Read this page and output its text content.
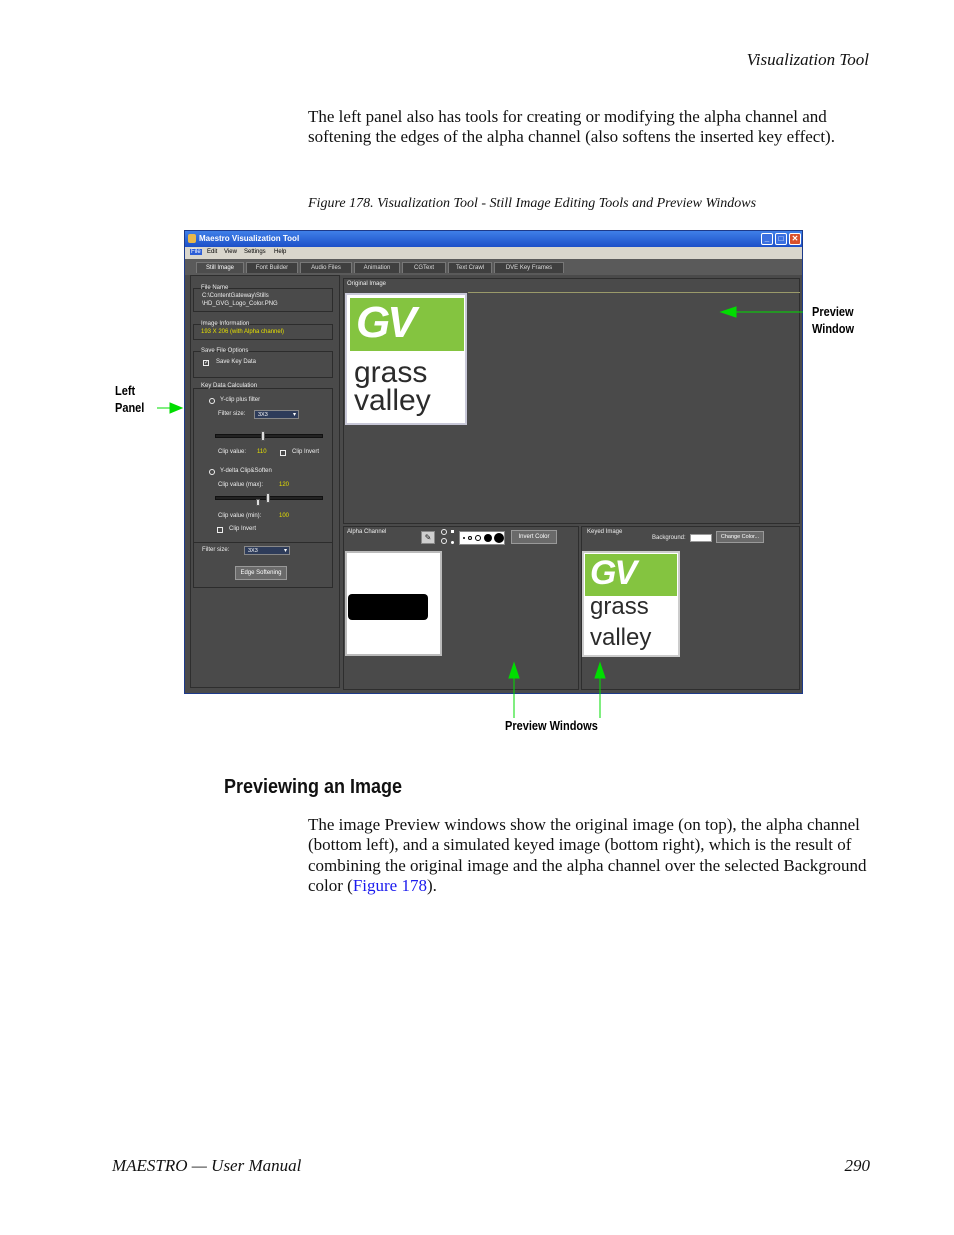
Visualization Tool
The left panel also has tools for creating or modifying the alpha channel and softening the edges of the alpha channel (also softens the inserted key effect).
Figure 178. Visualization Tool - Still Image Editing Tools and Preview Windows
Maestro Visualization Tool	_	□	✕
File Edit View Settings Help
Still Image	Font Builder	Audio Files	Animation	CGText	Text Crawl	DVE Key Frames
File Name
C:\ContentGateway\Stills
\HD_GVG_Logo_Color.PNG
Image Information
193 X 206 (with Alpha channel)
Save File Options
✓ Save Key Data
Key Data Calculation
Y-clip plus filter
Filter size:	3X3 ▾
Clip value: 110	Clip Invert
Y-delta Clip&Soften
Clip value (max):	120
Clip value (min):	100
Clip Invert
Filter size:	3X3 ▾
Edge Softening
Original Image
GV
grass
valley
Alpha Channel
✎	Invert Color
Keyed Image
Background:	Change Color...
GV
grass
valley
Left
Panel
Preview
Window
Preview Windows
Previewing an Image
The image Preview windows show the original image (on top), the alpha channel (bottom left), and a simulated keyed image (bottom right), which is the result of combining the original image and the alpha channel over the selected Background color (Figure 178).
MAESTRO — User Manual	290
